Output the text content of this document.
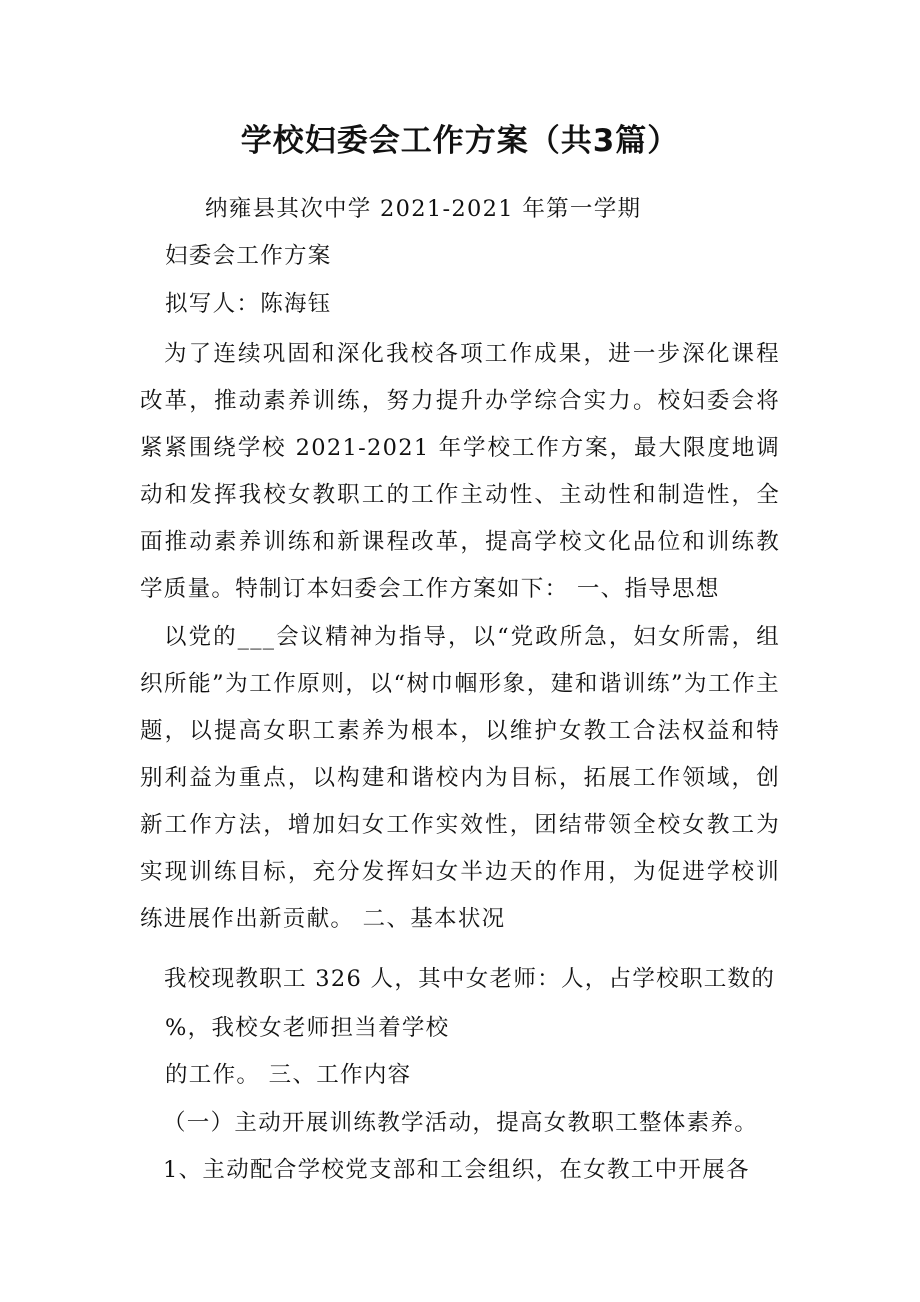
学校妇委会工作方案（共3篇）
纳雍县其次中学 2021-2021 年第一学期
妇委会工作方案
拟写人：陈海钰
为了连续巩固和深化我校各项工作成果，进一步深化课程改革，推动素养训练，努力提升办学综合实力。校妇委会将紧紧围绕学校 2021-2021 年学校工作方案，最大限度地调动和发挥我校女教职工的工作主动性、主动性和制造性，全面推动素养训练和新课程改革，提高学校文化品位和训练教学质量。特制订本妇委会工作方案如下： 一、指导思想
以党的___会议精神为指导，以“党政所急，妇女所需，组织所能”为工作原则，以“树巾帼形象，建和谐训练”为工作主题，以提高女职工素养为根本，以维护女教工合法权益和特别利益为重点，以构建和谐校内为目标，拓展工作领域，创新工作方法，增加妇女工作实效性，团结带领全校女教工为实现训练目标，充分发挥妇女半边天的作用，为促进学校训练进展作出新贡献。 二、基本状况
我校现教职工 326 人，其中女老师：人，占学校职工数的
%，我校女老师担当着学校
的工作。 三、工作内容
（一）主动开展训练教学活动，提高女教职工整体素养。
1、主动配合学校党支部和工会组织，在女教工中开展各
